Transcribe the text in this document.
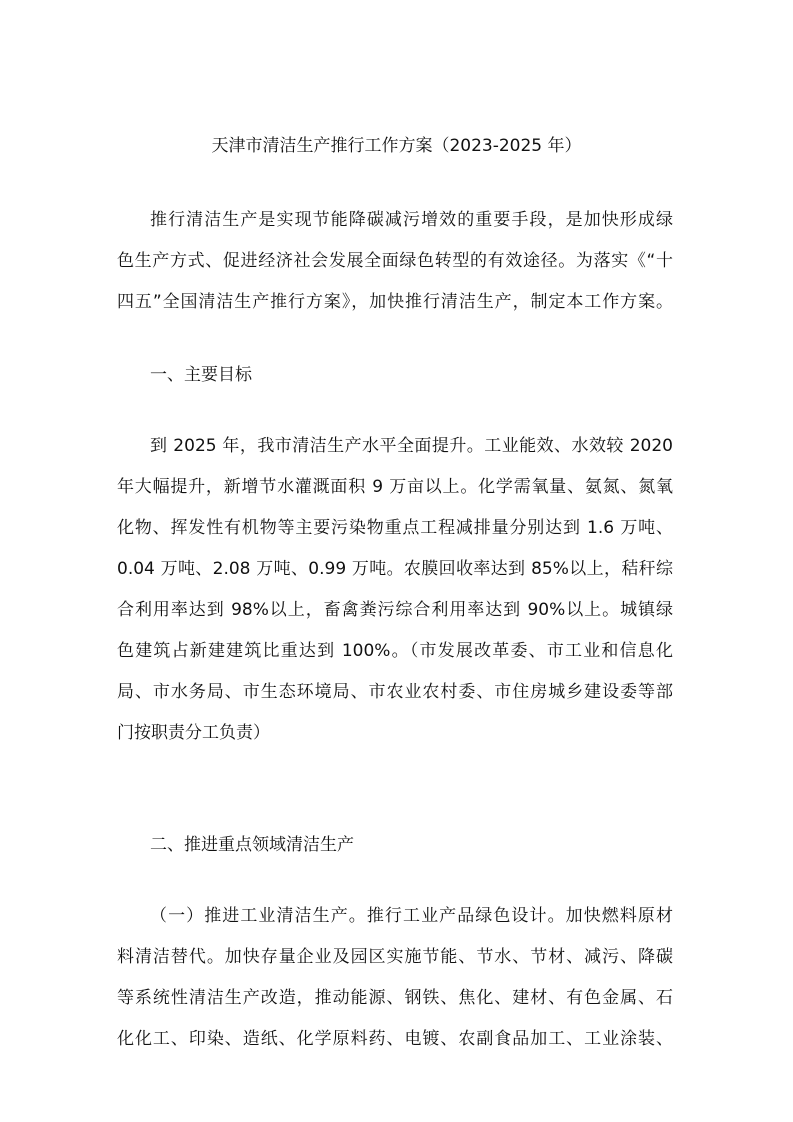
天津市清洁生产推行工作方案（2023-2025 年）
推行清洁生产是实现节能降碳减污增效的重要手段，是加快形成绿
色生产方式、促进经济社会发展全面绿色转型的有效途径。为落实《“十
四五”全国清洁生产推行方案》，加快推行清洁生产，制定本工作方案。
一、主要目标
到 2025 年，我市清洁生产水平全面提升。工业能效、水效较 2020
年大幅提升，新增节水灌溉面积 9 万亩以上。化学需氧量、氨氮、氮氧
化物、挥发性有机物等主要污染物重点工程减排量分别达到 1.6 万吨、
0.04 万吨、2.08 万吨、0.99 万吨。农膜回收率达到 85%以上，秸秆综
合利用率达到 98%以上，畜禽粪污综合利用率达到 90%以上。城镇绿
色建筑占新建建筑比重达到 100%。（市发展改革委、市工业和信息化
局、市水务局、市生态环境局、市农业农村委、市住房城乡建设委等部
门按职责分工负责）
二、推进重点领域清洁生产
（一）推进工业清洁生产。推行工业产品绿色设计。加快燃料原材
料清洁替代。加快存量企业及园区实施节能、节水、节材、减污、降碳
等系统性清洁生产改造，推动能源、钢铁、焦化、建材、有色金属、石
化化工、印染、造纸、化学原料药、电镀、农副食品加工、工业涂装、
